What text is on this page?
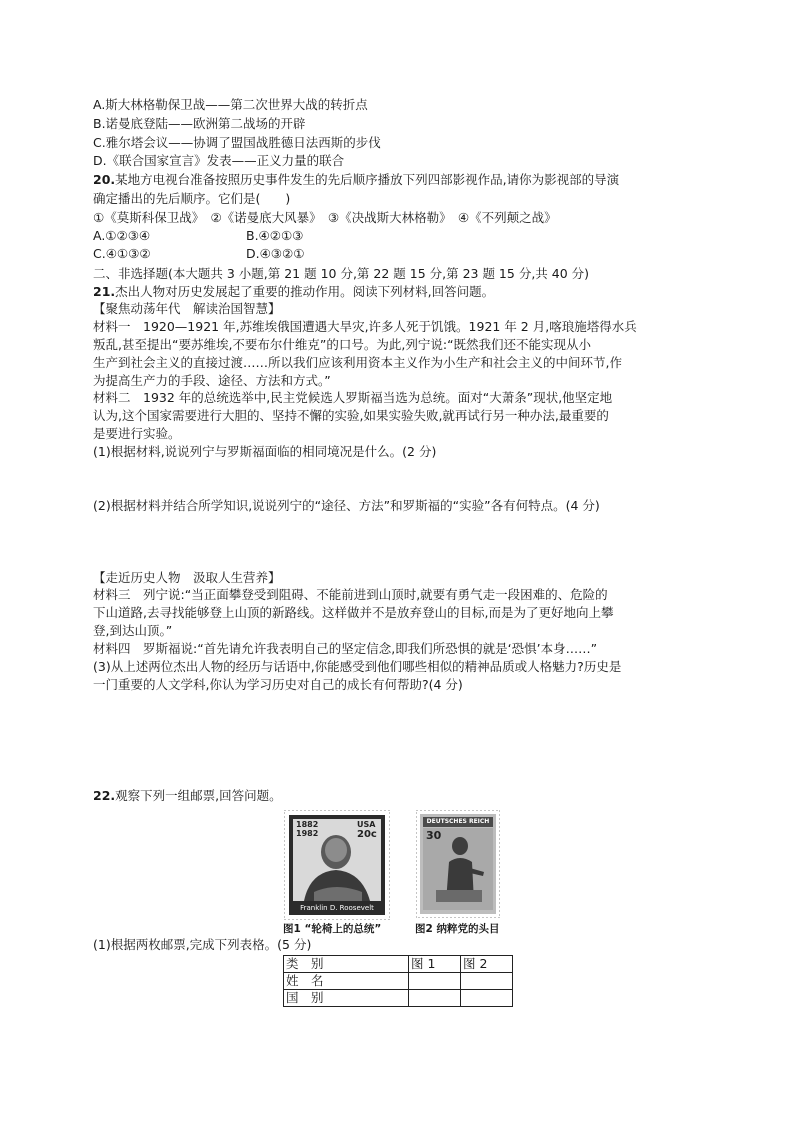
A.斯大林格勒保卫战——第二次世界大战的转折点
B.诺曼底登陆——欧洲第二战场的开辟
C.雅尔塔会议——协调了盟国战胜德日法西斯的步伐
D.《联合国家宣言》发表——正义力量的联合
20.某地方电视台准备按照历史事件发生的先后顺序播放下列四部影视作品,请你为影视部的导演
确定播出的先后顺序。它们是(　　)
①《莫斯科保卫战》　②《诺曼底大风暴》　③《决战斯大林格勒》　④《不列颠之战》
A.①②③④	B.④②①③
C.④①③②	D.④③②①
二、非选择题(本大题共 3 小题,第 21 题 10 分,第 22 题 15 分,第 23 题 15 分,共 40 分)
21.杰出人物对历史发展起了重要的推动作用。阅读下列材料,回答问题。
【聚焦动荡年代　解读治国智慧】
材料一　1920—1921 年,苏维埃俄国遭遇大旱灾,许多人死于饥饿。1921 年 2 月,喀琅施塔得水兵
叛乱,甚至提出“要苏维埃,不要布尔什维克”的口号。为此,列宁说:“既然我们还不能实现从小
生产到社会主义的直接过渡……所以我们应该利用资本主义作为小生产和社会主义的中间环节,作
为提高生产力的手段、途径、方法和方式。”
材料二　1932 年的总统选举中,民主党候选人罗斯福当选为总统。面对“大萧条”现状,他坚定地
认为,这个国家需要进行大胆的、坚持不懈的实验,如果实验失败,就再试行另一种办法,最重要的
是要进行实验。
(1)根据材料,说说列宁与罗斯福面临的相同境况是什么。(2 分)
(2)根据材料并结合所学知识,说说列宁的“途径、方法”和罗斯福的“实验”各有何特点。(4 分)
【走近历史人物　汲取人生营养】
材料三　列宁说:“当正面攀登受到阻碍、不能前进到山顶时,就要有勇气走一段困难的、危险的
下山道路,去寻找能够登上山顶的新路线。这样做并不是放弃登山的目标,而是为了更好地向上攀
登,到达山顶。”
材料四　罗斯福说:“首先请允许我表明自己的坚定信念,即我们所恐惧的就是‘恐惧’本身……”
(3)从上述两位杰出人物的经历与话语中,你能感受到他们哪些相似的精神品质或人格魅力?历史是
一门重要的人文学科,你认为学习历史对自己的成长有何帮助?(4 分)
22.观察下列一组邮票,回答问题。
1882
1982
USA
20c
Franklin D. Roosevelt
DEUTSCHES REICH
30
图1 “轮椅上的总统”	图2 纳粹党的头目
(1)根据两枚邮票,完成下列表格。(5 分)
类　别	图 1	图 2
姓　名		
国　别		
